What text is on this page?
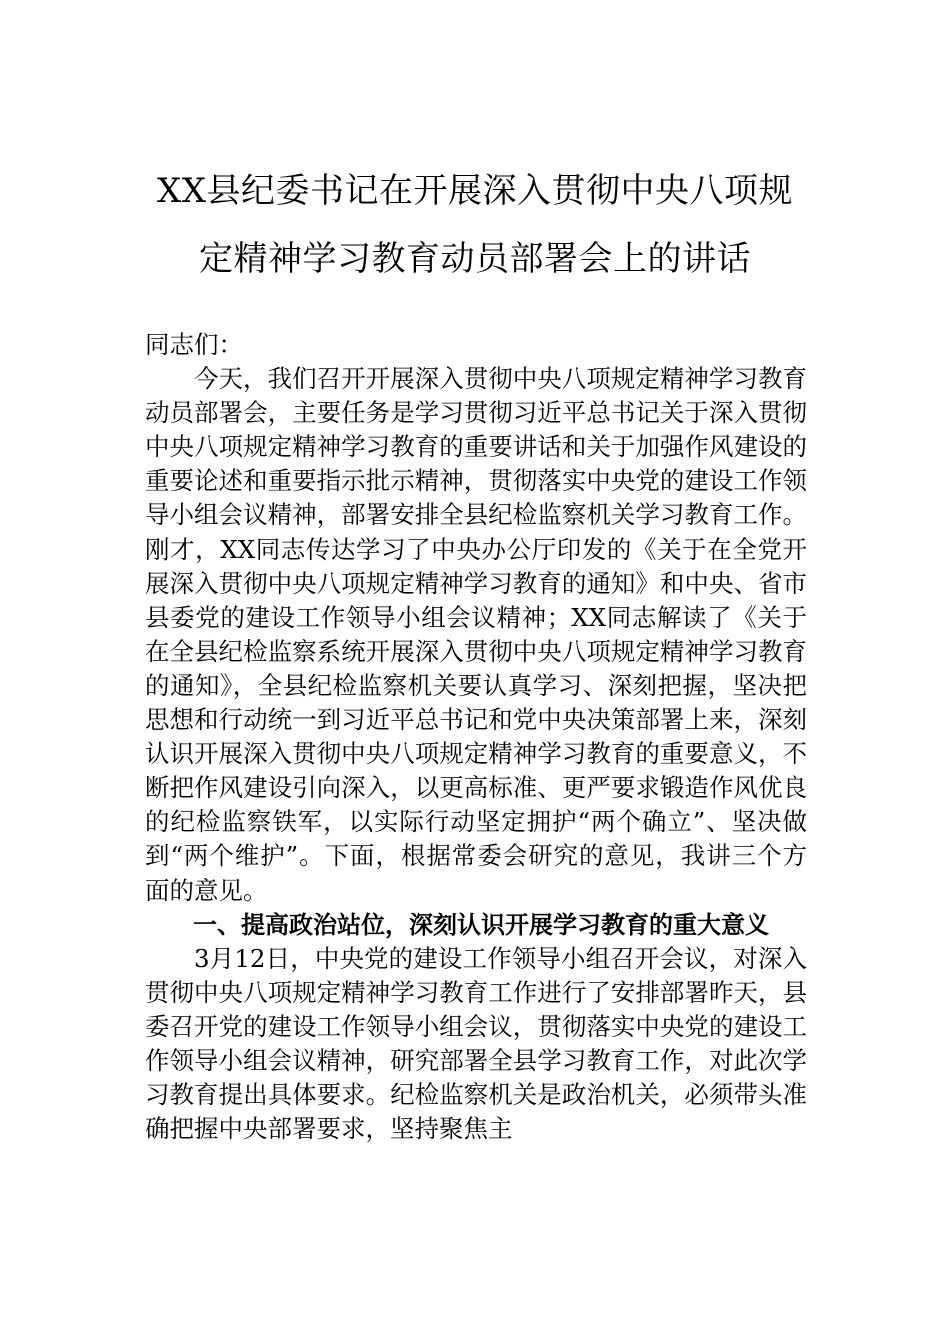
XX县纪委书记在开展深入贯彻中央八项规
定精神学习教育动员部署会上的讲话

同志们：

今天，我们召开开展深入贯彻中央八项规定精神学习教育动员部署会，主要任务是学习贯彻习近平总书记关于深入贯彻中央八项规定精神学习教育的重要讲话和关于加强作风建设的重要论述和重要指示批示精神，贯彻落实中央党的建设工作领导小组会议精神，部署安排全县纪检监察机关学习教育工作。刚才，XX同志传达学习了中央办公厅印发的《关于在全党开展深入贯彻中央八项规定精神学习教育的通知》和中央、省市县委党的建设工作领导小组会议精神；XX同志解读了《关于在全县纪检监察系统开展深入贯彻中央八项规定精神学习教育的通知》，全县纪检监察机关要认真学习、深刻把握，坚决把思想和行动统一到习近平总书记和党中央决策部署上来，深刻认识开展深入贯彻中央八项规定精神学习教育的重要意义，不断把作风建设引向深入，以更高标准、更严要求锻造作风优良的纪检监察铁军，以实际行动坚定拥护“两个确立”、坚决做到“两个维护”。下面，根据常委会研究的意见，我讲三个方面的意见。

一、提高政治站位，深刻认识开展学习教育的重大意义

3月12日，中央党的建设工作领导小组召开会议，对深入贯彻中央八项规定精神学习教育工作进行了安排部署昨天，县委召开党的建设工作领导小组会议，贯彻落实中央党的建设工作领导小组会议精神，研究部署全县学习教育工作，对此次学习教育提出具体要求。纪检监察机关是政治机关，必须带头准确把握中央部署要求，坚持聚焦主
